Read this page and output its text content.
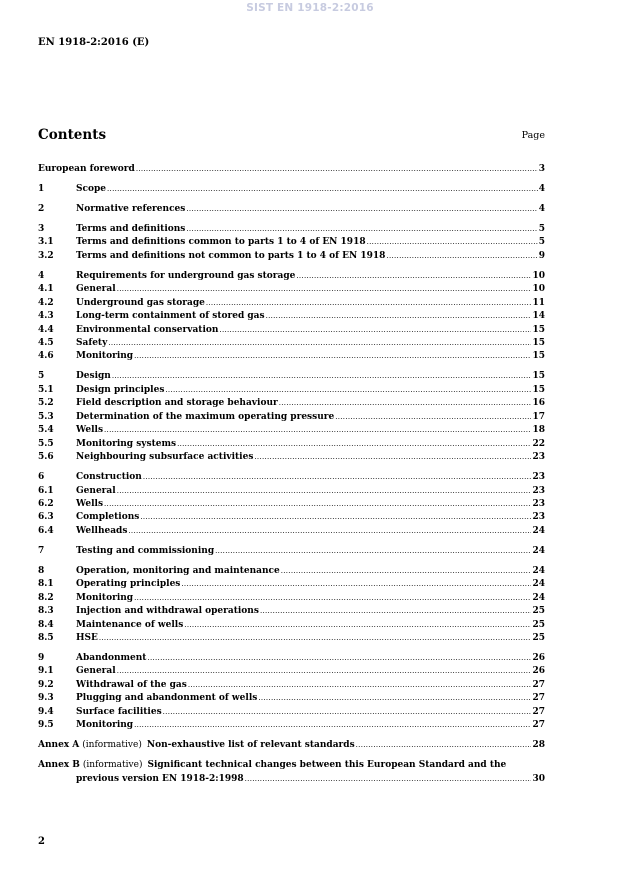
SIST EN 1918-2:2016
EN 1918-2:2016 (E)
Contents	Page
European foreword .....	3
1	Scope .....	4
2	Normative references .....	4
3	Terms and definitions .....	5
3.1	Terms and definitions common to parts 1 to 4 of EN 1918 .....	5
3.2	Terms and definitions not common to parts 1 to 4 of EN 1918 .....	9
4	Requirements for underground gas storage .....	10
4.1	General .....	10
4.2	Underground gas storage .....	11
4.3	Long-term containment of stored gas .....	14
4.4	Environmental conservation .....	15
4.5	Safety .....	15
4.6	Monitoring .....	15
5	Design .....	15
5.1	Design principles .....	15
5.2	Field description and storage behaviour .....	16
5.3	Determination of the maximum operating pressure .....	17
5.4	Wells .....	18
5.5	Monitoring systems .....	22
5.6	Neighbouring subsurface activities .....	23
6	Construction .....	23
6.1	General .....	23
6.2	Wells .....	23
6.3	Completions .....	23
6.4	Wellheads .....	24
7	Testing and commissioning .....	24
8	Operation, monitoring and maintenance .....	24
8.1	Operating principles .....	24
8.2	Monitoring .....	24
8.3	Injection and withdrawal operations .....	25
8.4	Maintenance of wells .....	25
8.5	HSE .....	25
9	Abandonment .....	26
9.1	General .....	26
9.2	Withdrawal of the gas .....	27
9.3	Plugging and abandonment of wells .....	27
9.4	Surface facilities .....	27
9.5	Monitoring .....	27
Annex A (informative) Non-exhaustive list of relevant standards .....	28
Annex B (informative) Significant technical changes between this European Standard and the
previous version EN 1918-2:1998 .....	30
2
